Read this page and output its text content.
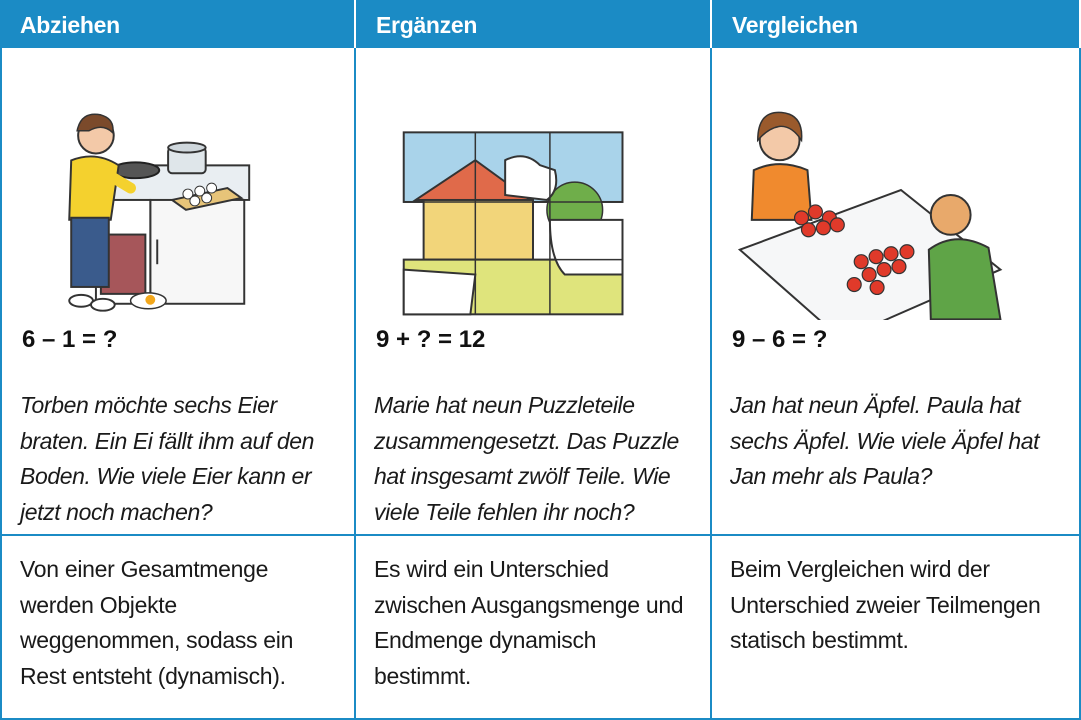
Abziehen	Ergänzen	Vergleichen
6 – 1 = ?
Torben möchte sechs Eier braten. Ein Ei fällt ihm auf den Boden. Wie viele Eier kann er jetzt noch machen?
9 + ? = 12
Marie hat neun Puzzleteile zusammengesetzt. Das Puzzle hat insgesamt zwölf Teile. Wie viele Teile fehlen ihr noch?
9 – 6 = ?
Jan hat neun Äpfel. Paula hat sechs Äpfel. Wie viele Äpfel hat Jan mehr als Paula?
Von einer Gesamtmenge werden Objekte weggenommen, sodass ein Rest entsteht (dynamisch).
Es wird ein Unterschied zwischen Ausgangsmenge und Endmenge dynamisch bestimmt.
Beim Vergleichen wird der Unterschied zweier Teilmengen statisch bestimmt.
